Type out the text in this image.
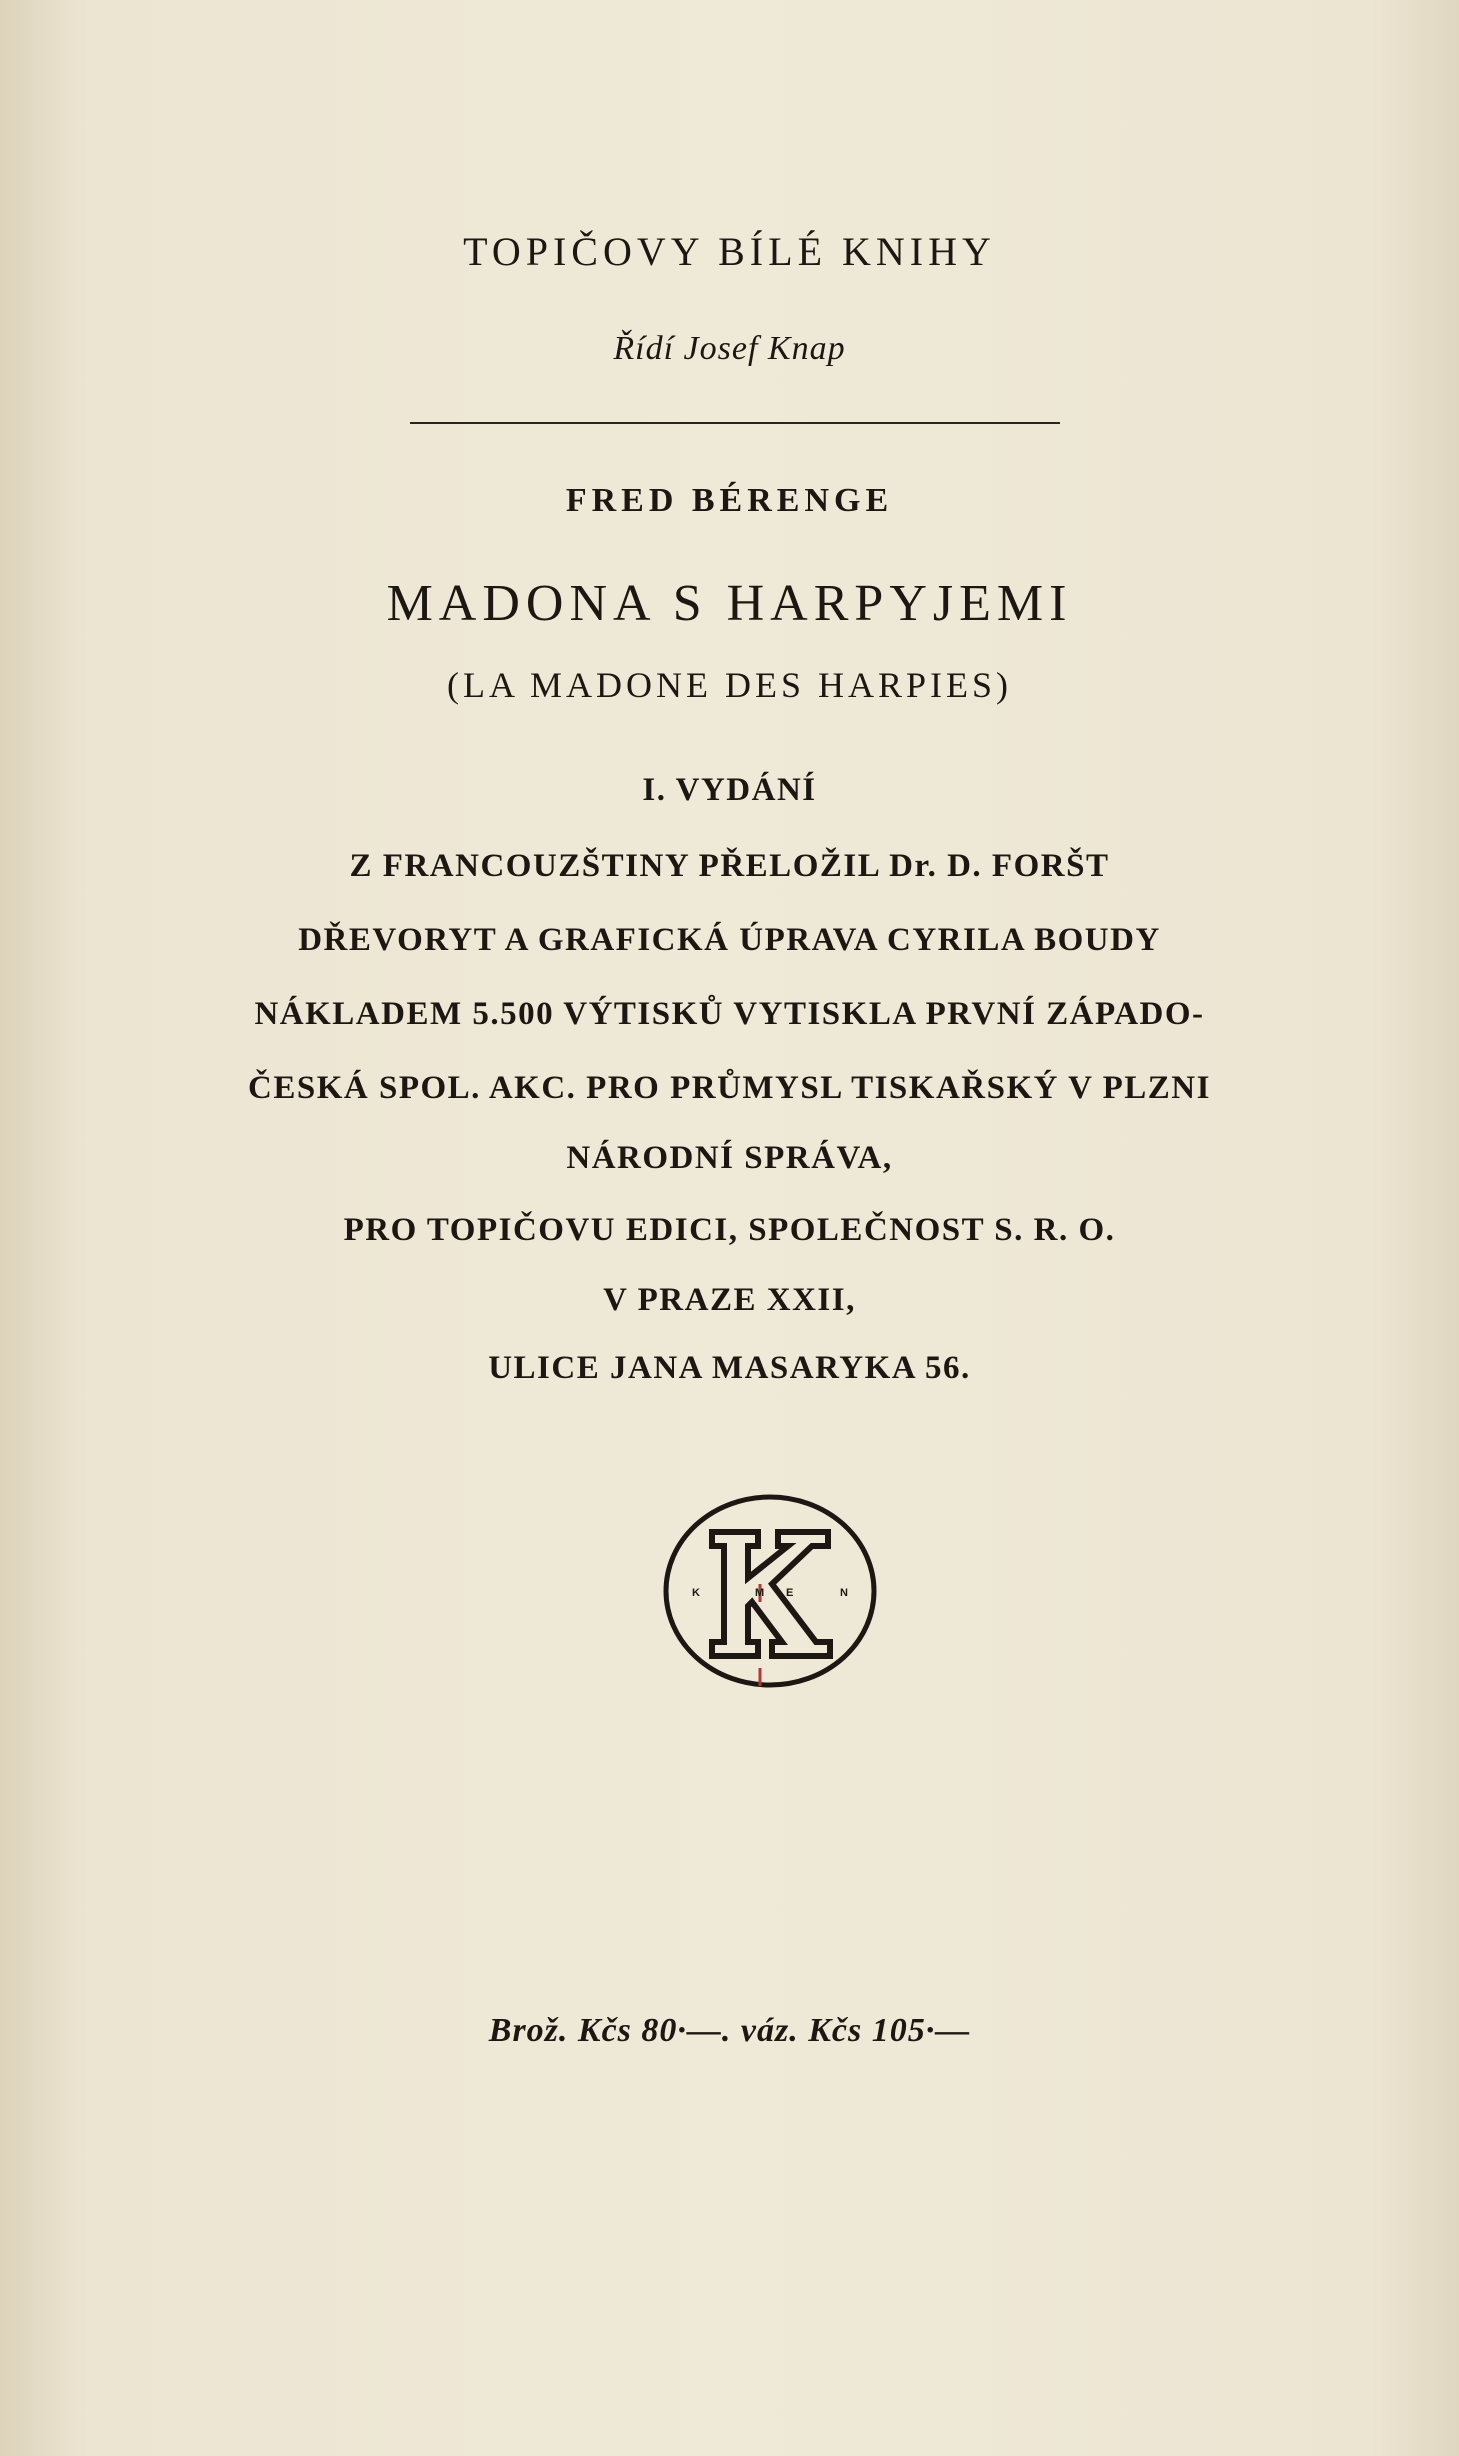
TOPIČOVY BÍLÉ KNIHY
Řídí Josef Knap
FRED BÉRENGE
MADONA S HARPYJEMI
(LA MADONE DES HARPIES)
I. VYDÁNÍ
Z FRANCOUZŠTINY PŘELOŽIL Dr. D. FORŠT
DŘEVORYT A GRAFICKÁ ÚPRAVA CYRILA BOUDY
NÁKLADEM 5.500 VÝTISKŮ VYTISKLA PRVNÍ ZÁPADO-
ČESKÁ SPOL. AKC. PRO PRŮMYSL TISKAŘSKÝ V PLZNI
NÁRODNÍ SPRÁVA,
PRO TOPIČOVU EDICI, SPOLEČNOST S. R. O.
V PRAZE XXII,
ULICE JANA MASARYKA 56.
K	M E	N
Brož. Kčs 80·—. váz. Kčs 105·—
